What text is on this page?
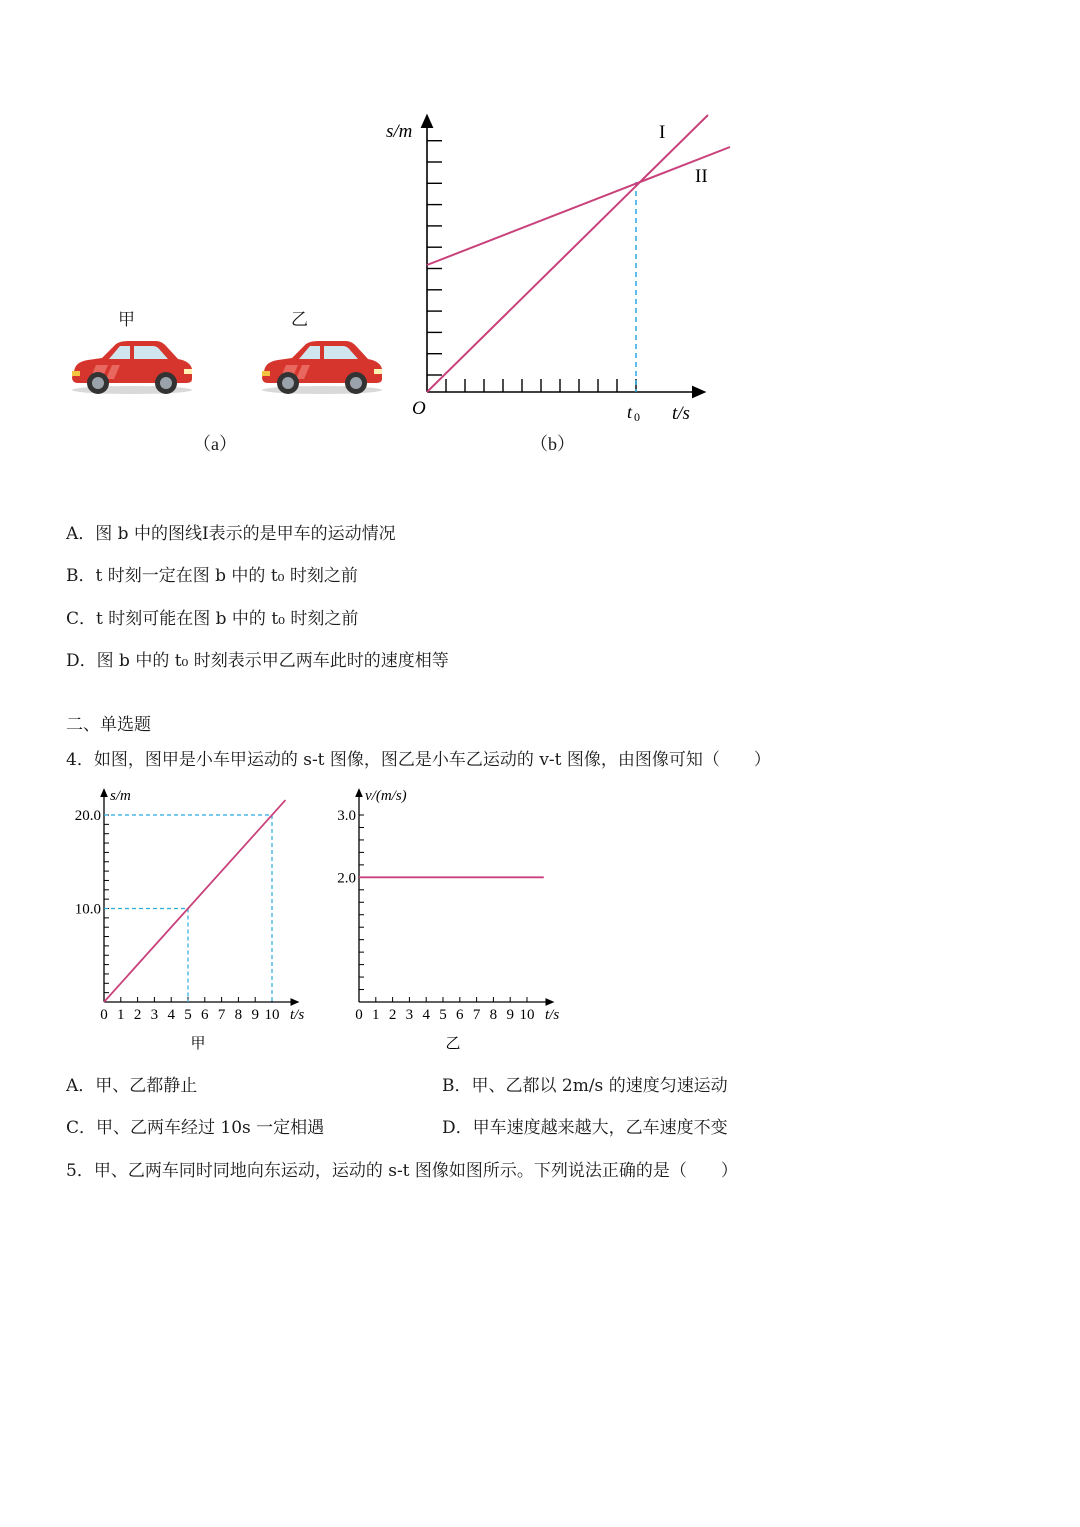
甲	乙
（a）	（b）
s/m
t/s
O	t 0
I
II
A．图 b 中的图线I表示的是甲车的运动情况
B．t 时刻一定在图 b 中的 t₀ 时刻之前
C．t 时刻可能在图 b 中的 t₀ 时刻之前
D．图 b 中的 t₀ 时刻表示甲乙两车此时的速度相等
二、单选题
4．如图，图甲是小车甲运动的 s-t 图像，图乙是小车乙运动的 v-t 图像，由图像可知（　　）
0 1 2 3 4 5 6 7 8 9 10 t/s
10.0
20.0
s/m
甲
0 1 2 3 4 5 6 7 8 9 10 t/s
2.0
3.0
v/(m/s)
乙
A．甲、乙都静止	B．甲、乙都以 2m/s 的速度匀速运动
C．甲、乙两车经过 10s 一定相遇	D．甲车速度越来越大，乙车速度不变
5．甲、乙两车同时同地向东运动，运动的 s-t 图像如图所示。下列说法正确的是（　　）
